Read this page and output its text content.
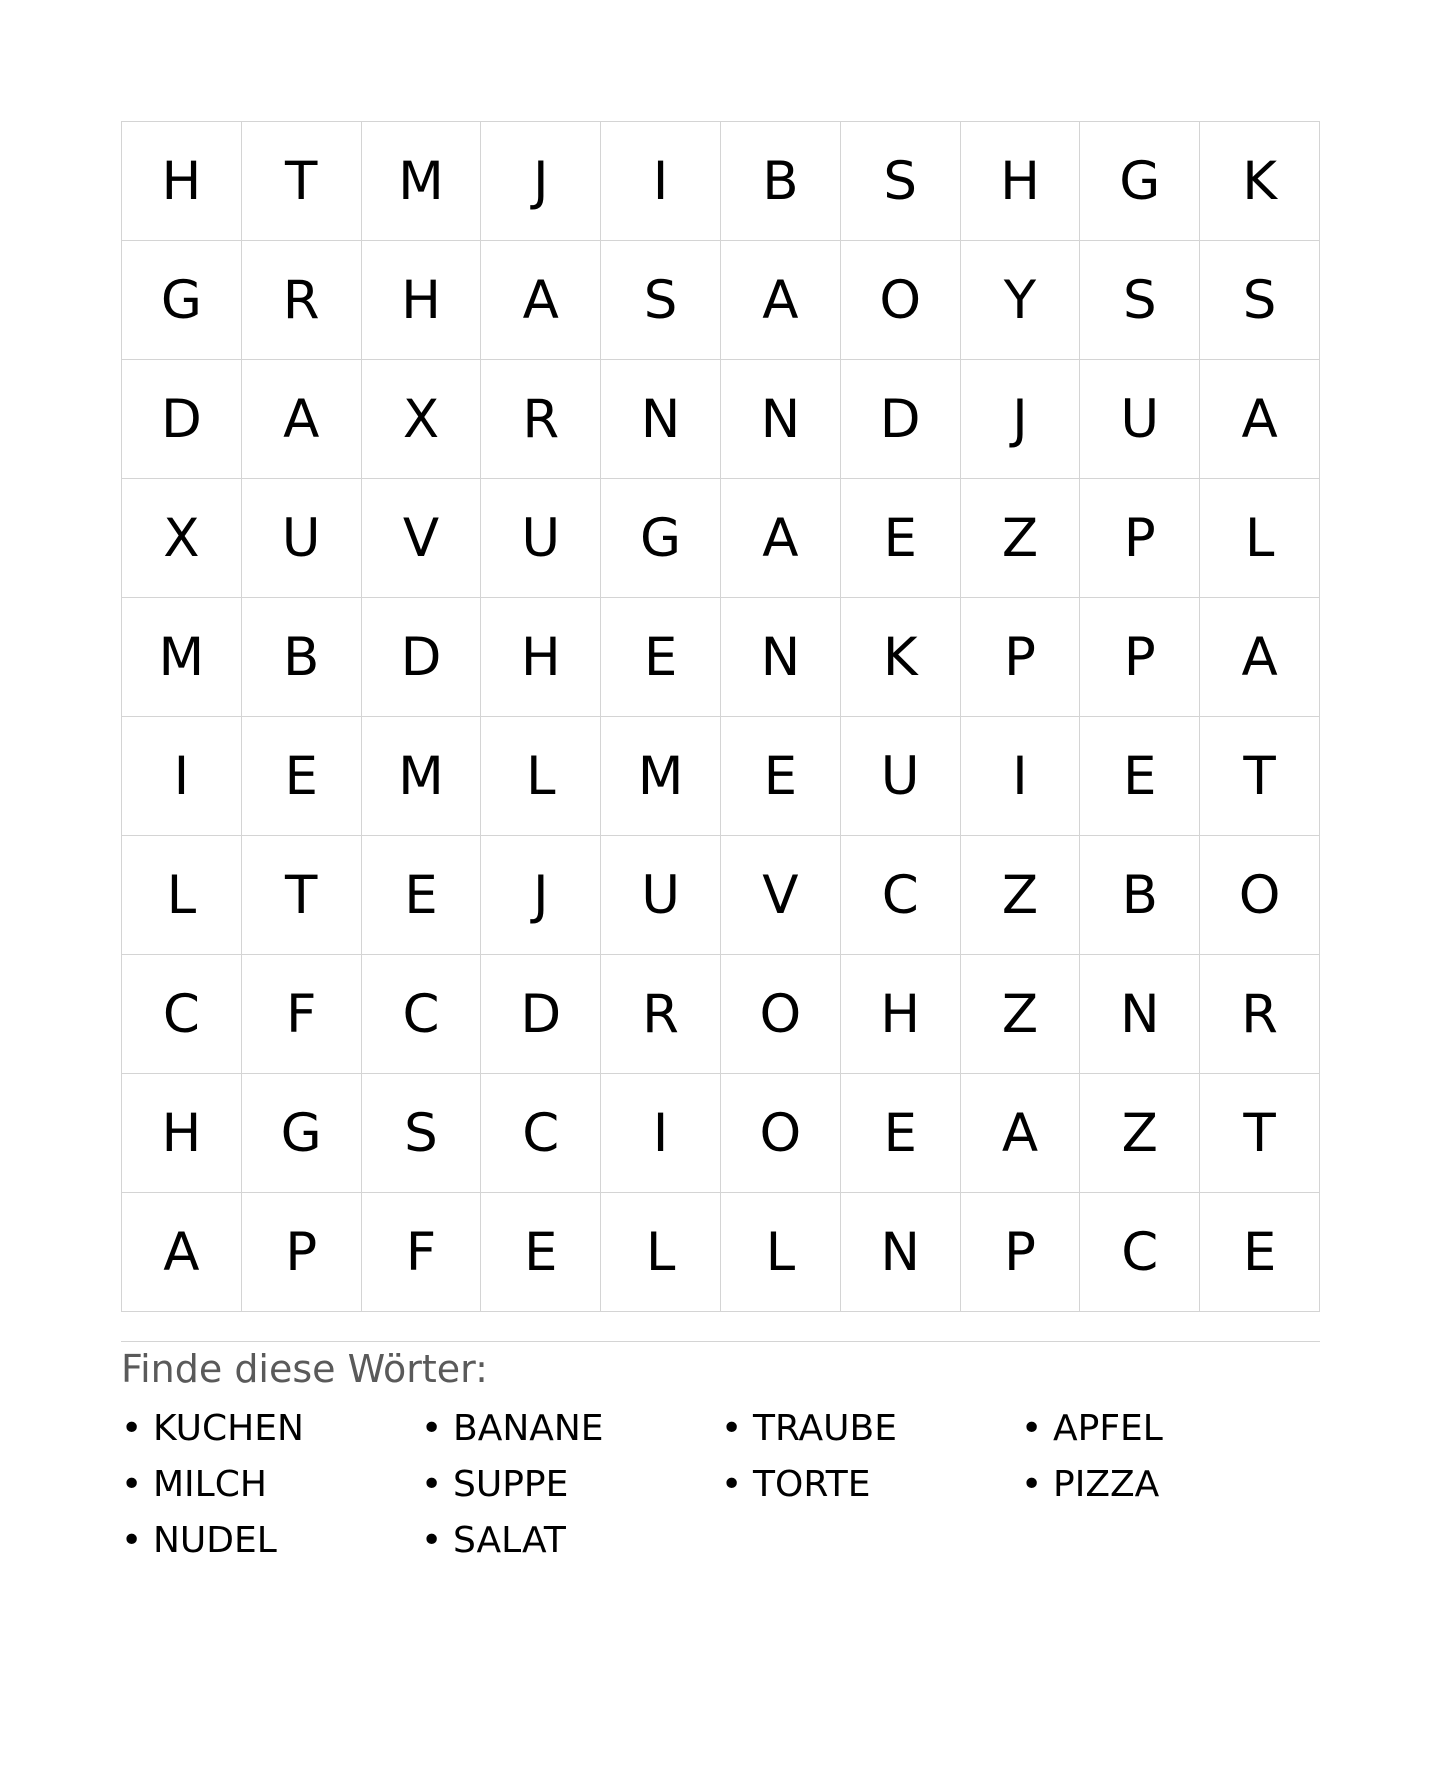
H	T	M	J	I	B	S	H	G	K
G	R	H	A	S	A	O	Y	S	S
D	A	X	R	N	N	D	J	U	A
X	U	V	U	G	A	E	Z	P	L
M	B	D	H	E	N	K	P	P	A
I	E	M	L	M	E	U	I	E	T
L	T	E	J	U	V	C	Z	B	O
C	F	C	D	R	O	H	Z	N	R
H	G	S	C	I	O	E	A	Z	T
A	P	F	E	L	L	N	P	C	E
Finde diese Wörter:
• KUCHEN	• BANANE	• TRAUBE	• APFEL
• MILCH	• SUPPE	• TORTE	• PIZZA
• NUDEL	• SALAT
